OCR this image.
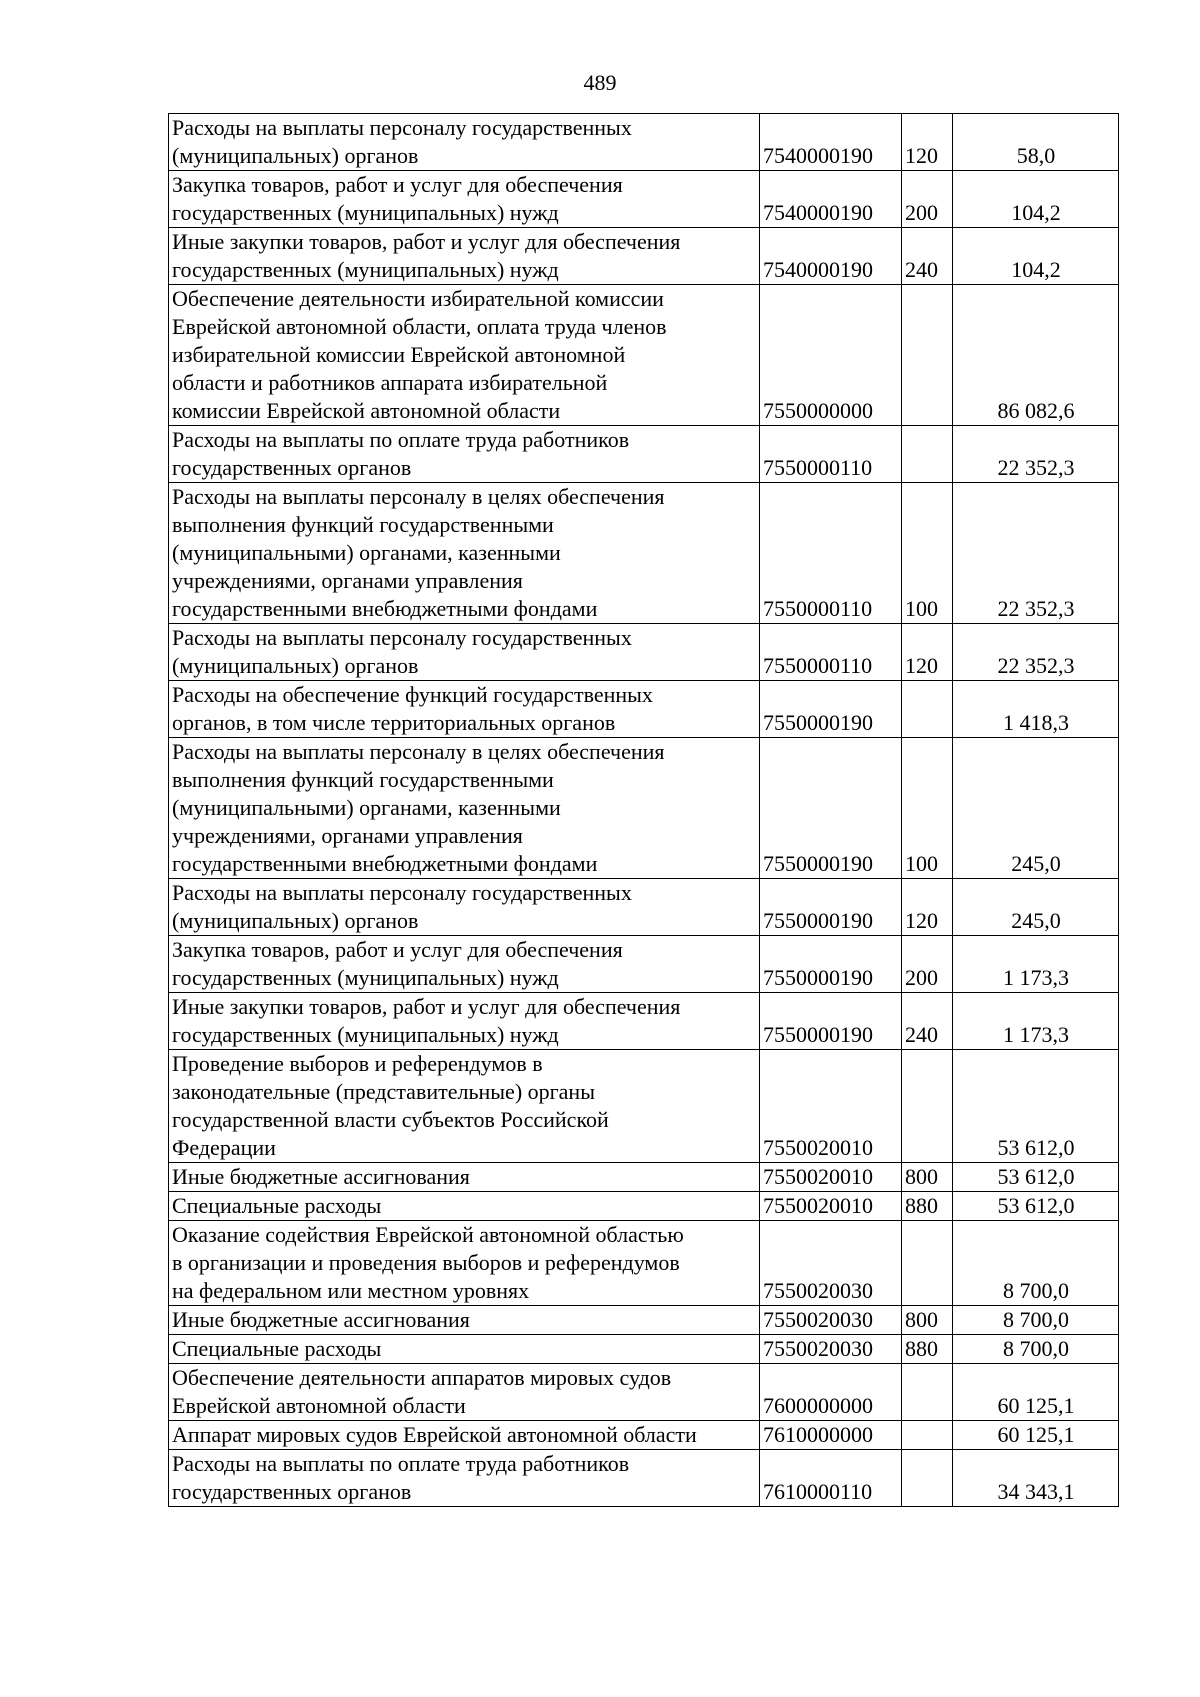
489
Расходы на выплаты персоналу государственных
(муниципальных) органов	7540000190	120	58,0
Закупка товаров, работ и услуг для обеспечения
государственных (муниципальных) нужд	7540000190	200	104,2
Иные закупки товаров, работ и услуг для обеспечения
государственных (муниципальных) нужд	7540000190	240	104,2
Обеспечение деятельности избирательной комиссии
Еврейской автономной области, оплата труда членов
избирательной комиссии Еврейской автономной
области и работников аппарата избирательной
комиссии Еврейской автономной области	7550000000		86 082,6
Расходы на выплаты по оплате труда работников
государственных органов	7550000110		22 352,3
Расходы на выплаты персоналу в целях обеспечения
выполнения функций государственными
(муниципальными) органами, казенными
учреждениями, органами управления
государственными внебюджетными фондами	7550000110	100	22 352,3
Расходы на выплаты персоналу государственных
(муниципальных) органов	7550000110	120	22 352,3
Расходы на обеспечение функций государственных
органов, в том числе территориальных органов	7550000190		1 418,3
Расходы на выплаты персоналу в целях обеспечения
выполнения функций государственными
(муниципальными) органами, казенными
учреждениями, органами управления
государственными внебюджетными фондами	7550000190	100	245,0
Расходы на выплаты персоналу государственных
(муниципальных) органов	7550000190	120	245,0
Закупка товаров, работ и услуг для обеспечения
государственных (муниципальных) нужд	7550000190	200	1 173,3
Иные закупки товаров, работ и услуг для обеспечения
государственных (муниципальных) нужд	7550000190	240	1 173,3
Проведение выборов и референдумов в
законодательные (представительные) органы
государственной власти субъектов Российской
Федерации	7550020010		53 612,0
Иные бюджетные ассигнования	7550020010	800	53 612,0
Специальные расходы	7550020010	880	53 612,0
Оказание содействия Еврейской автономной областью
в организации и проведения выборов и референдумов
на федеральном или местном уровнях	7550020030		8 700,0
Иные бюджетные ассигнования	7550020030	800	8 700,0
Специальные расходы	7550020030	880	8 700,0
Обеспечение деятельности аппаратов мировых судов
Еврейской автономной области	7600000000		60 125,1
Аппарат мировых судов Еврейской автономной области	7610000000		60 125,1
Расходы на выплаты по оплате труда работников
государственных органов	7610000110		34 343,1
